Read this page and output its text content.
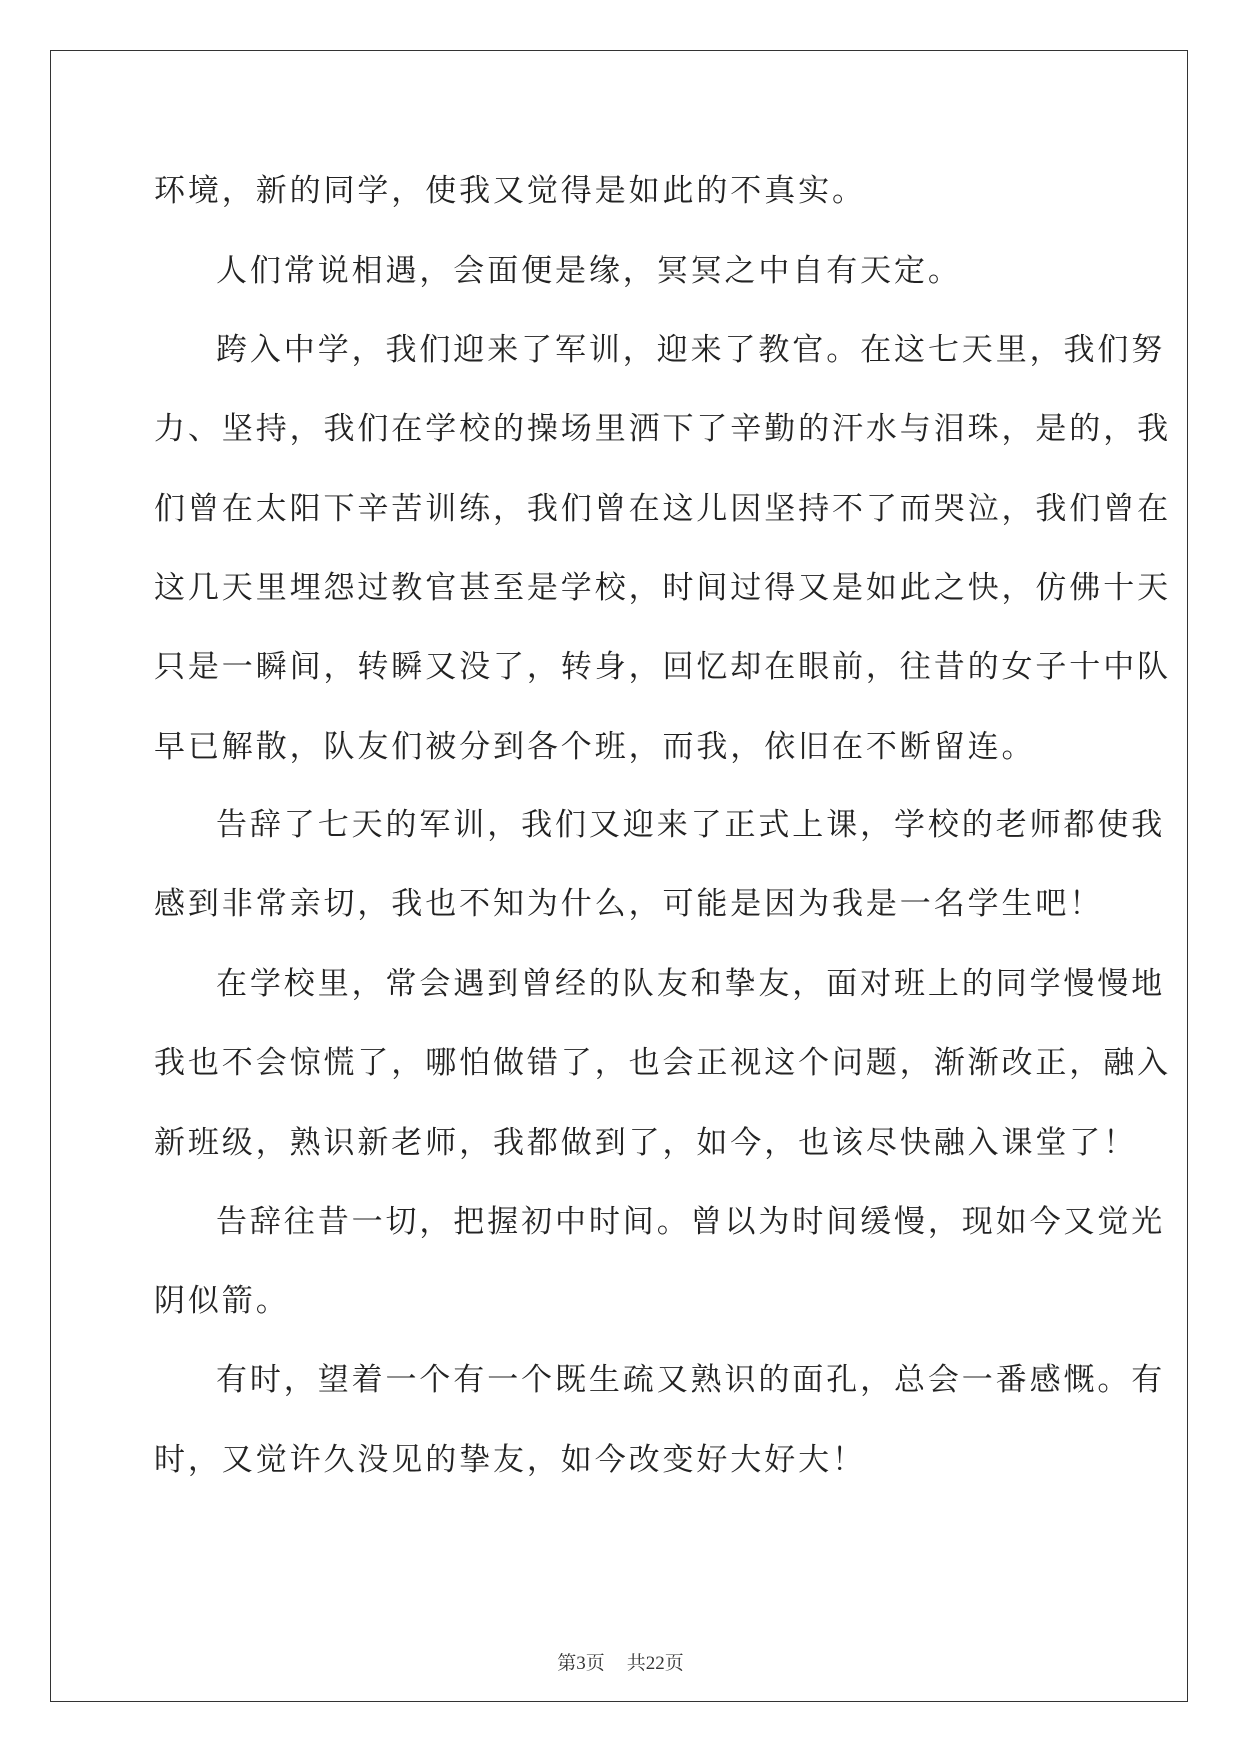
环境，新的同学，使我又觉得是如此的不真实。

人们常说相遇，会面便是缘，冥冥之中自有天定。

跨入中学，我们迎来了军训，迎来了教官。在这七天里，我们努

力、坚持，我们在学校的操场里洒下了辛勤的汗水与泪珠，是的，我

们曾在太阳下辛苦训练，我们曾在这儿因坚持不了而哭泣，我们曾在

这几天里埋怨过教官甚至是学校，时间过得又是如此之快，仿佛十天

只是一瞬间，转瞬又没了，转身，回忆却在眼前，往昔的女子十中队

早已解散，队友们被分到各个班，而我，依旧在不断留连。

告辞了七天的军训，我们又迎来了正式上课，学校的老师都使我

感到非常亲切，我也不知为什么，可能是因为我是一名学生吧！

在学校里，常会遇到曾经的队友和挚友，面对班上的同学慢慢地

我也不会惊慌了，哪怕做错了，也会正视这个问题，渐渐改正，融入

新班级，熟识新老师，我都做到了，如今，也该尽快融入课堂了！

告辞往昔一切，把握初中时间。曾以为时间缓慢，现如今又觉光

阴似箭。

有时，望着一个有一个既生疏又熟识的面孔，总会一番感慨。有

时，又觉许久没见的挚友，如今改变好大好大！

第3页 共22页
